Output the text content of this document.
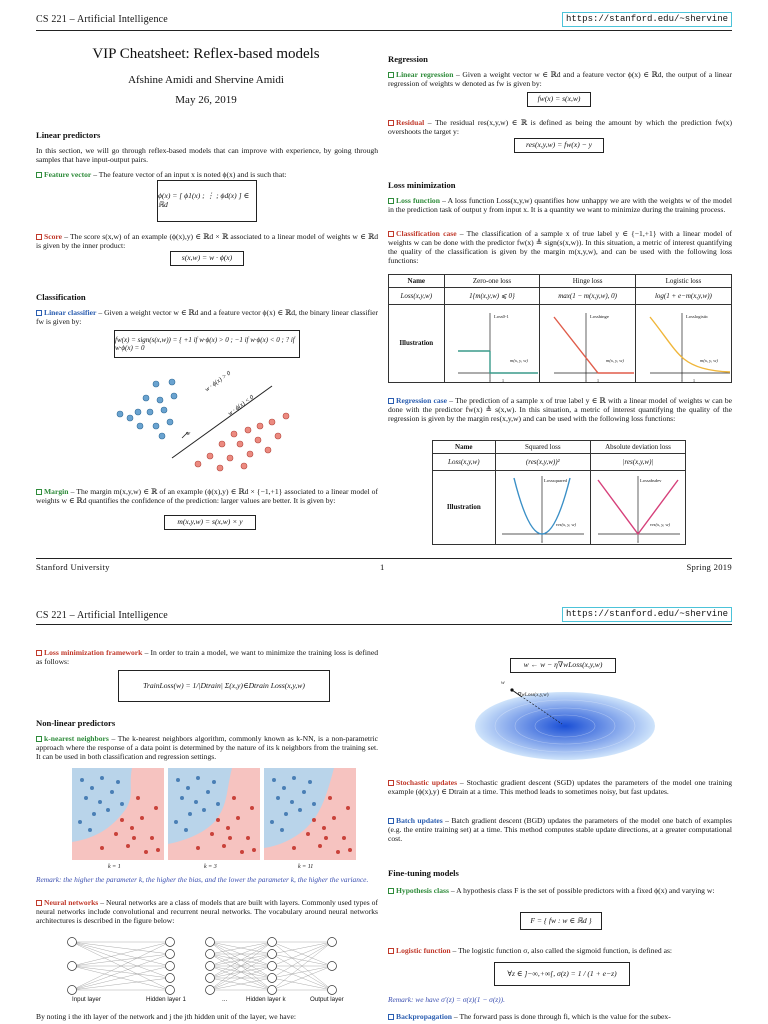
CS 221 – Artificial Intelligence	https://stanford.edu/~shervine
VIP Cheatsheet: Reflex-based models
Afshine Amidi and Shervine Amidi
May 26, 2019
Linear predictors
In this section, we will go through reflex-based models that can improve with experience, by going through samples that have input-output pairs.
Feature vector – The feature vector of an input x is noted ϕ(x) and is such that:
ϕ(x) = [ ϕ1(x) ; ⋮ ; ϕd(x) ] ∈ ℝd
Score – The score s(x,w) of an example (ϕ(x),y) ∈ ℝd × ℝ associated to a linear model of weights w ∈ ℝd is given by the inner product:
s(x,w) = w · ϕ(x)
Classification
Linear classifier – Given a weight vector w ∈ ℝd and a feature vector ϕ(x) ∈ ℝd, the binary linear classifier fw is given by:
fw(x) = sign(s(x,w)) = { +1 if w·ϕ(x) > 0 ; −1 if w·ϕ(x) < 0 ; ? if w·ϕ(x) = 0
w · ϕ(x) > 0
w · ϕ(x) < 0
w
Margin – The margin m(x,y,w) ∈ ℝ of an example (ϕ(x),y) ∈ ℝd × {−1,+1} associated to a linear model of weights w ∈ ℝd quantifies the confidence of the prediction: larger values are better. It is given by:
m(x,y,w) = s(x,w) × y
Regression
Linear regression – Given a weight vector w ∈ ℝd and a feature vector ϕ(x) ∈ ℝd, the output of a linear regression of weights w denoted as fw is given by:
fw(x) = s(x,w)
Residual – The residual res(x,y,w) ∈ ℝ is defined as being the amount by which the prediction fw(x) overshoots the target y:
res(x,y,w) = fw(x) − y
Loss minimization
Loss function – A loss function Loss(x,y,w) quantifies how unhappy we are with the weights w of the model in the prediction task of output y from input x. It is a quantity we want to minimize during the training process.
Classification case – The classification of a sample x of true label y ∈ {−1,+1} with a linear model of weights w can be done with the predictor fw(x) ≜ sign(s(x,w)). In this situation, a metric of interest quantifying the quality of the classification is given by the margin m(x,y,w), and can be used with the following loss functions:
Name	Zero-one loss	Hinge loss	Logistic loss
Loss(x,y,w)	1{m(x,y,w) ⩽ 0}	max(1 − m(x,y,w), 0)	log(1 + e−m(x,y,w))
Illustration			
0	1
Loss0-1
m(x, y, w)
0	1
Losshinge
m(x, y, w)
0	1
Losslogistic
m(x, y, w)
Regression case – The prediction of a sample x of true label y ∈ ℝ with a linear model of weights w can be done with the predictor fw(x) ≜ s(x,w). In this situation, a metric of interest quantifying the quality of the regression is given by the margin res(x,y,w) and can be used with the following loss functions:
Name	Squared loss	Absolute deviation loss
Loss(x,y,w)	(res(x,y,w))²	|res(x,y,w)|
Illustration		
0
Losssquared
res(x, y, w)
0
Lossabsdev
res(x, y, w)
Stanford University	1	Spring 2019
CS 221 – Artificial Intelligence	https://stanford.edu/~shervine
Loss minimization framework – In order to train a model, we want to minimize the training loss is defined as follows:
TrainLoss(w) = 1/|Dtrain| Σ(x,y)∈Dtrain Loss(x,y,w)
Non-linear predictors
k-nearest neighbors – The k-nearest neighbors algorithm, commonly known as k-NN, is a non-parametric approach where the response of a data point is determined by the nature of its k neighbors from the training set. It can be used in both classification and regression settings.
k = 1	k = 3	k = 11
Remark: the higher the parameter k, the higher the bias, and the lower the parameter k, the higher the variance.
Neural networks – Neural networks are a class of models that are built with layers. Commonly used types of neural networks include convolutional and recurrent neural networks. The vocabulary around neural networks architectures is described in the figure below:
Input layer	Hidden layer 1	...	Hidden layer k	Output layer
By noting i the ith layer of the network and j the jth hidden unit of the layer, we have:
w ← w − η∇wLoss(x,y,w)
w
∇wLoss(x,y,w)
Stochastic updates – Stochastic gradient descent (SGD) updates the parameters of the model one training example (ϕ(x),y) ∈ Dtrain at a time. This method leads to sometimes noisy, but fast updates.
Batch updates – Batch gradient descent (BGD) updates the parameters of the model one batch of examples (e.g. the entire training set) at a time. This method computes stable update directions, at a greater computational cost.
Fine-tuning models
Hypothesis class – A hypothesis class F is the set of possible predictors with a fixed ϕ(x) and varying w:
F = { fw : w ∈ ℝd }
Logistic function – The logistic function σ, also called the sigmoid function, is defined as:
∀z ∈ ]−∞,+∞[, σ(z) = 1 / (1 + e−z)
Remark: we have σ′(z) = σ(z)(1 − σ(z)).
Backpropagation – The forward pass is done through fi, which is the value for the subex-
